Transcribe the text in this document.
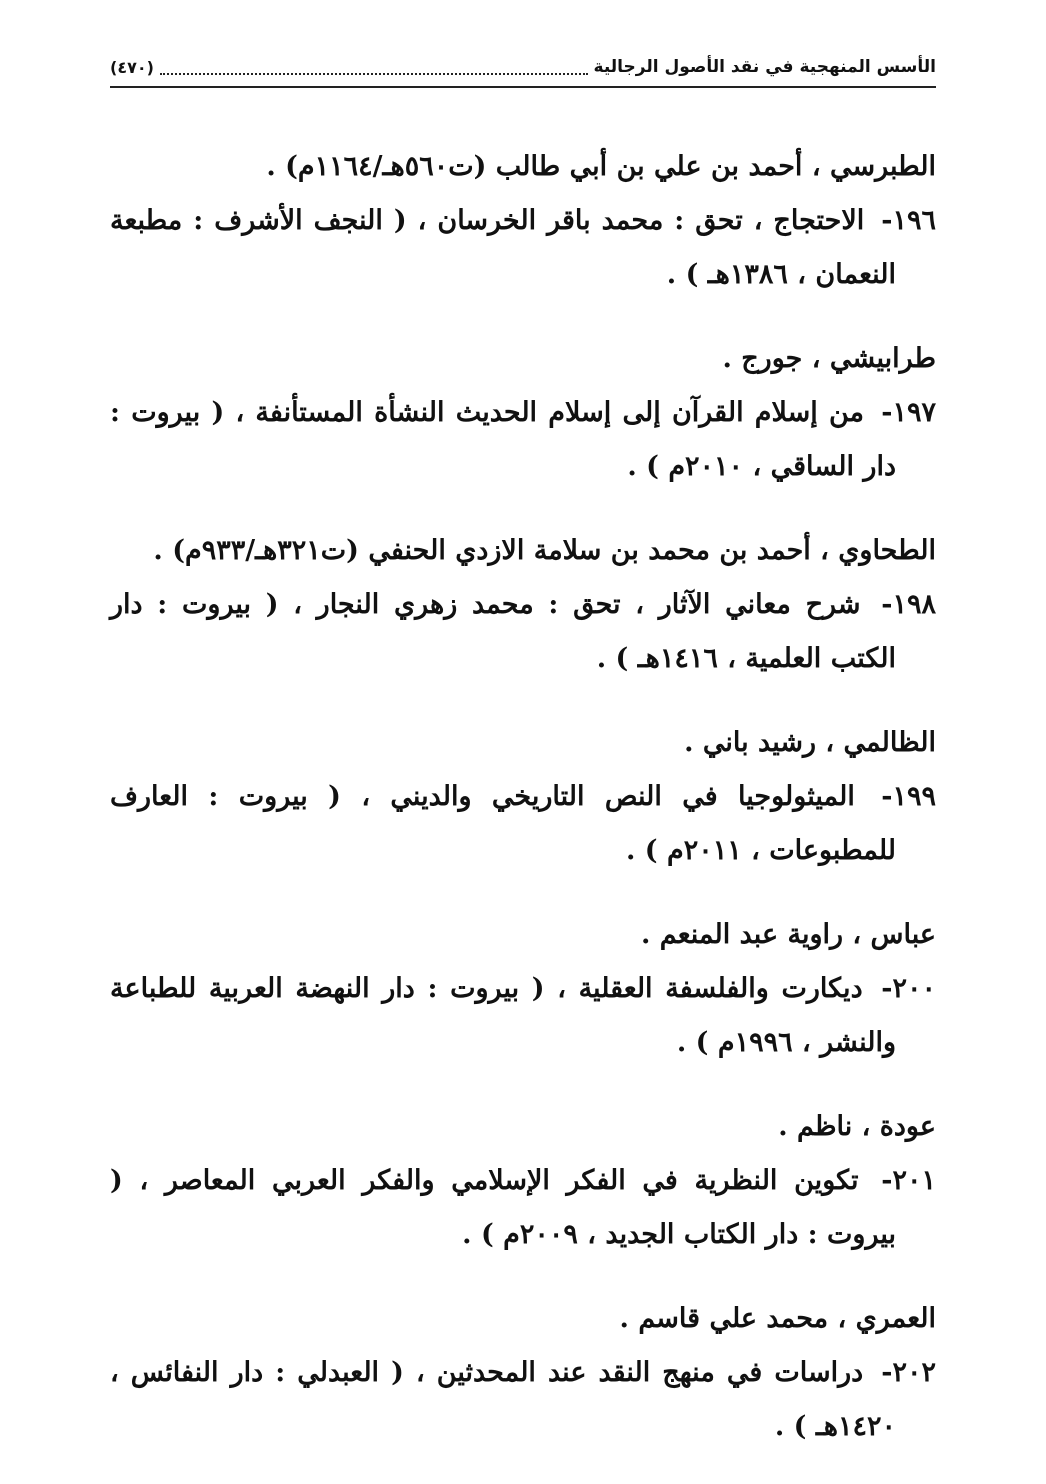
الأسس المنهجية في نقد الأصول الرجالية
(٤٧٠)

الطبرسي ، أحمد بن علي بن أبي طالب (ت٥٦٠هـ/١١٦٤م) .

١٩٦- الاحتجاج ، تحق : محمد باقر الخرسان ، ( النجف الأشرف : مطبعة النعمان ، ١٣٨٦هـ ) .

طرابيشي ، جورج .

١٩٧- من إسلام القرآن إلى إسلام الحديث النشأة المستأنفة ، ( بيروت : دار الساقي ، ٢٠١٠م ) .

الطحاوي ، أحمد بن محمد بن سلامة الازدي الحنفي (ت٣٢١هـ/٩٣٣م) .

١٩٨- شرح معاني الآثار ، تحق : محمد زهري النجار ، ( بيروت : دار الكتب العلمية ، ١٤١٦هـ ) .

الظالمي ، رشيد باني .

١٩٩- الميثولوجيا في النص التاريخي والديني ، ( بيروت : العارف للمطبوعات ، ٢٠١١م ) .

عباس ، راوية عبد المنعم .

٢٠٠- ديكارت والفلسفة العقلية ، ( بيروت : دار النهضة العربية للطباعة والنشر ، ١٩٩٦م ) .

عودة ، ناظم .

٢٠١- تكوين النظرية في الفكر الإسلامي والفكر العربي المعاصر ، ( بيروت : دار الكتاب الجديد ، ٢٠٠٩م ) .

العمري ، محمد علي قاسم .

٢٠٢- دراسات في منهج النقد عند المحدثين ، ( العبدلي : دار النفائس ، ١٤٢٠هـ ) .
